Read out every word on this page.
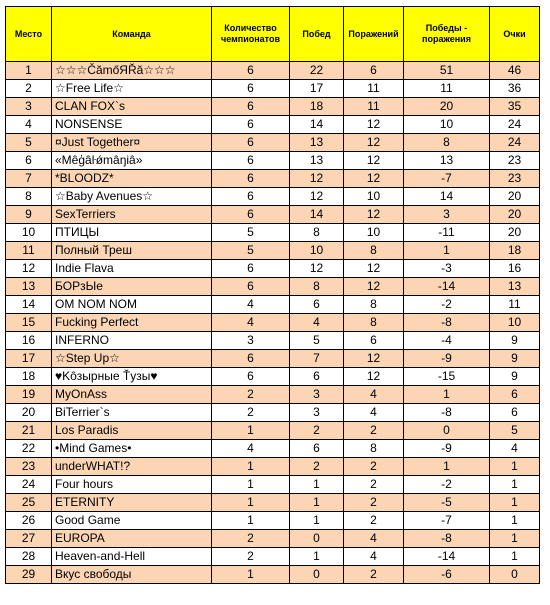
Место	Команда	Количество чемпионатов	Побед	Поражений	Победы - поражения	Очки
1	☆☆☆ČămőЯŘă☆☆☆	6	22	6	51	46
2	☆Free Life☆	6	17	11	11	36
3	CLAN FOX`s	6	18	11	20	35
4	NONSENSE	6	14	12	10	24
5	¤Just Together¤	6	13	12	8	24
6	«Mêģâŀǿmâŋiâ»	6	13	12	13	23
7	*BLOODZ*	6	12	12	-7	23
8	☆Baby Avenues☆	6	12	10	14	20
9	SexTerriers	6	14	12	3	20
10	ПТИЦЫ	5	8	10	-11	20
11	Полный Треш	5	10	8	1	18
12	Indie Flava	6	12	12	-3	16
13	БОРзЫе	6	8	12	-14	13
14	OM NOM NOM	4	6	8	-2	11
15	Fucking Perfect	4	4	8	-8	10
16	INFERNO	3	5	6	-4	9
17	☆Step Up☆	6	7	12	-9	9
18	♥Kôзыpные Ťузы♥	6	6	12	-15	9
19	MyOnAss	2	3	4	1	6
20	BiTerrier`s	2	3	4	-8	6
21	Los Paradis	1	2	2	0	5
22	•Mind Games•	4	6	8	-9	4
23	underWHAT!?	1	2	2	1	1
24	Four hours	1	1	2	-2	1
25	ETERNITY	1	1	2	-5	1
26	Good Game	1	1	2	-7	1
27	EUROPA	2	0	4	-8	1
28	Heaven-and-Hell	2	1	4	-14	1
29	Вкус свободы	1	0	2	-6	0
